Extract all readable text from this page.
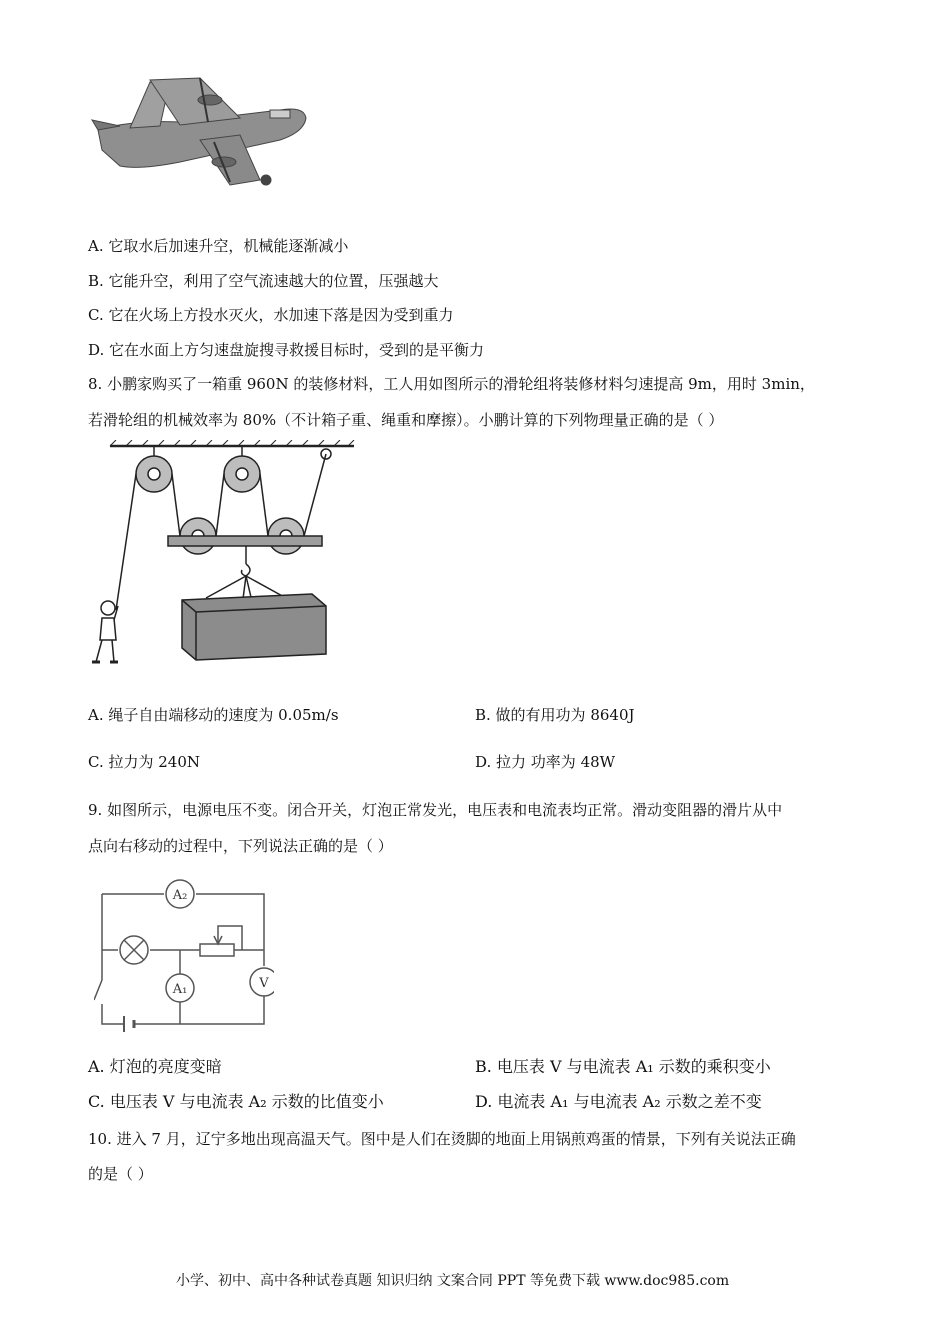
A. 它取水后加速升空，机械能逐渐减小
B. 它能升空，利用了空气流速越大的位置，压强越大
C. 它在火场上方投水灭火，水加速下落是因为受到重力
D. 它在水面上方匀速盘旋搜寻救援目标时，受到的是平衡力
8. 小鹏家购买了一箱重 960N 的装修材料，工人用如图所示的滑轮组将装修材料匀速提高 9m，用时 3min，
若滑轮组的机械效率为 80%（不计箱子重、绳重和摩擦）。小鹏计算的下列物理量正确的是（ ）
A. 绳子自由端移动的速度为 0.05m/s	B. 做的有用功为 8640J
C. 拉力为 240N	D. 拉力 功率为 48W
9. 如图所示，电源电压不变。闭合开关，灯泡正常发光，电压表和电流表均正常。滑动变阻器的滑片从中
点向右移动的过程中，下列说法正确的是（ ）
A₂
A₁	V
A. 灯泡的亮度变暗	B. 电压表 V 与电流表 A₁ 示数的乘积变小
C. 电压表 V 与电流表 A₂ 示数的比值变小	D. 电流表 A₁ 与电流表 A₂ 示数之差不变
10. 进入 7 月，辽宁多地出现高温天气。图中是人们在烫脚的地面上用锅煎鸡蛋的情景，下列有关说法正确
的是（ ）
小学、初中、高中各种试卷真题 知识归纳 文案合同 PPT 等免费下载 www.doc985.com
